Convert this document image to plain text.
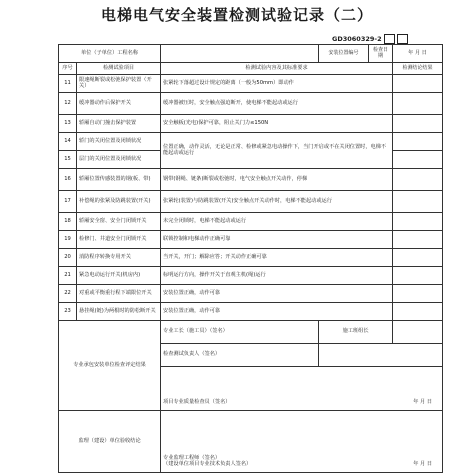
电梯电气安全装置检测试验记录（二）
GD3060329-2
单位（子单位）工程名称			安装位置编号	检查日期	年 月 日
序号	检测试验项目	检测试验内容及其标准要求			检测结论结果
11	限速绳断裂或松弛保护装置（开关）	张紧轮下落超过设计规定的距离（一般为50mm）即动作			
12	缓冲器动作后保护开关	缓冲器被压时，安全触点强迫断开，使电梯不能起动或运行			
13	轿厢自动门撞击保护装置	安全触板(光电)保护可靠，阻止关门力≤150N			
14	轿门的关闭位置及闭锁状况	位置正确，动作灵活，无论是正常、检修或紧急电动操作下，当门开启或不在关闭位置时，电梯不能起动或运行			
15	层门的关闭位置及闭锁状况				
16	轿厢位置传感装置的钢(板、带)	钢带(钢绳、链条)断裂或松弛时，电气安全触点开关动作，停梯			
17	补偿绳的张紧及防跳装置(开关)	张紧轮(装置)与防跳装置(开关)安全触点开关动作时，电梯不能起动或运行			
18	轿厢安全窗、安全门闭锁开关	未完全闭锁时，电梯不能起动或运行			
19	检修门、井道安全门闭锁开关	联锁控制和电梯动作正确可靠			
20	消防程序转换专用开关	当开关，开门；解除应答；开关动作正确可靠			
21	紧急电动运行开关(机房内)	标明运行方向，操作开关于直观主机(绳)运行			
22	对重或平衡重行程下端限位开关	安装位置正确，动作可靠			
23	悬挂绳(链)为两根时的防松断开关	安装位置正确，动作可靠			
专业承包安装单位检查评定结果		专业工长（施工员）（签名）	施工班组长		
		检查测试负责人（签名）			
		项目专业质量检查员（签名） 年 月 日			

监理（建设）单位验收结论		专业监理工程师（签名）
（建设单位项目专业技术负责人签名） 年 月 日			
